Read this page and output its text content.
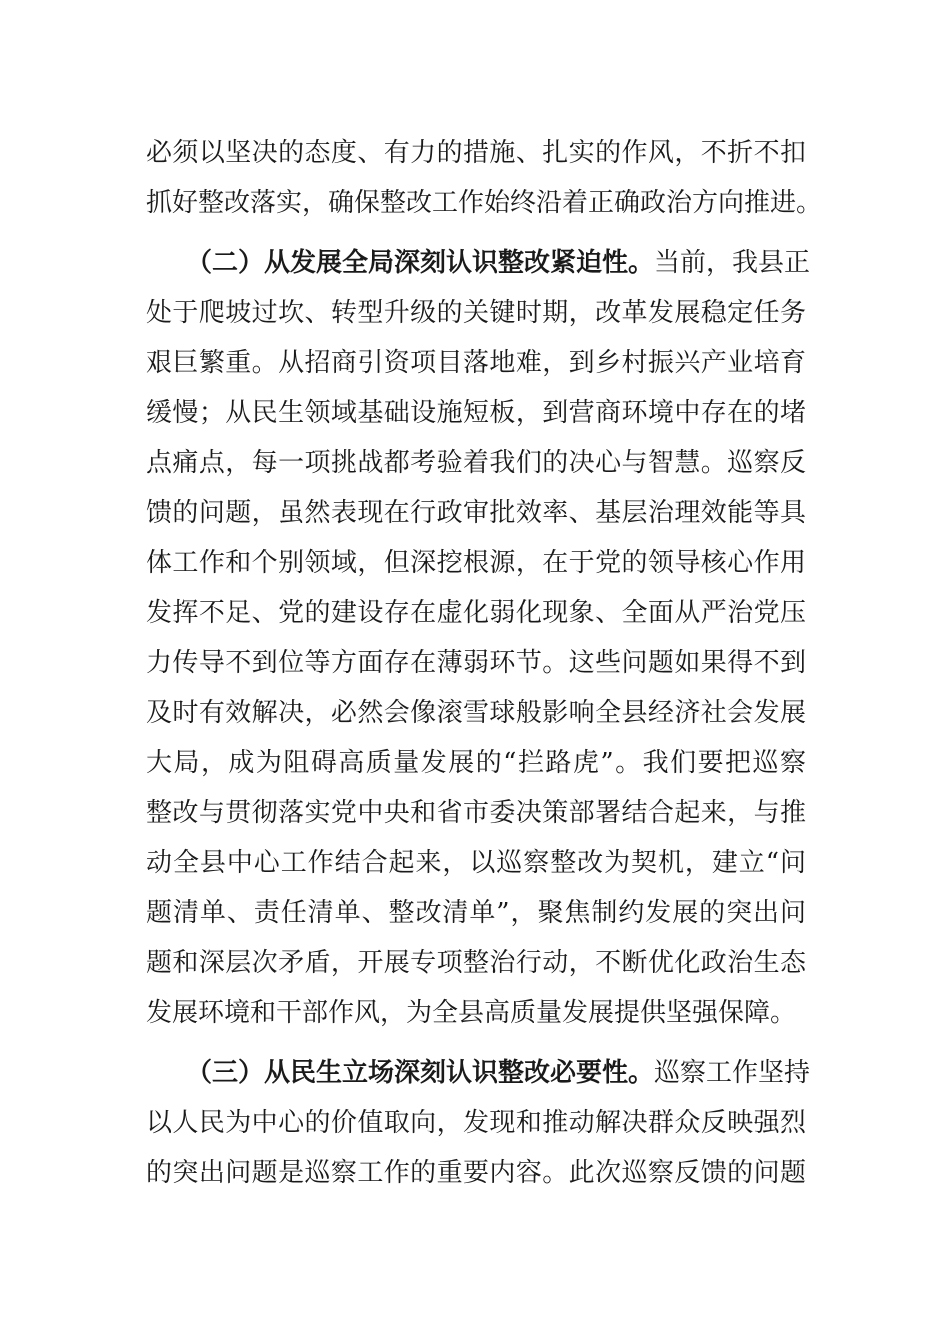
必须以坚决的态度、有力的措施、扎实的作风，不折不扣
抓好整改落实，确保整改工作始终沿着正确政治方向推进。
（二）从发展全局深刻认识整改紧迫性。当前，我县正
处于爬坡过坎、转型升级的关键时期，改革发展稳定任务
艰巨繁重。从招商引资项目落地难，到乡村振兴产业培育
缓慢；从民生领域基础设施短板，到营商环境中存在的堵
点痛点，每一项挑战都考验着我们的决心与智慧。巡察反
馈的问题，虽然表现在行政审批效率、基层治理效能等具
体工作和个别领域，但深挖根源，在于党的领导核心作用
发挥不足、党的建设存在虚化弱化现象、全面从严治党压
力传导不到位等方面存在薄弱环节。这些问题如果得不到
及时有效解决，必然会像滚雪球般影响全县经济社会发展
大局，成为阻碍高质量发展的“拦路虎”。我们要把巡察
整改与贯彻落实党中央和省市委决策部署结合起来，与推
动全县中心工作结合起来，以巡察整改为契机，建立“问
题清单、责任清单、整改清单”，聚焦制约发展的突出问
题和深层次矛盾，开展专项整治行动，不断优化政治生态
发展环境和干部作风，为全县高质量发展提供坚强保障。
（三）从民生立场深刻认识整改必要性。巡察工作坚持
以人民为中心的价值取向，发现和推动解决群众反映强烈
的突出问题是巡察工作的重要内容。此次巡察反馈的问题
